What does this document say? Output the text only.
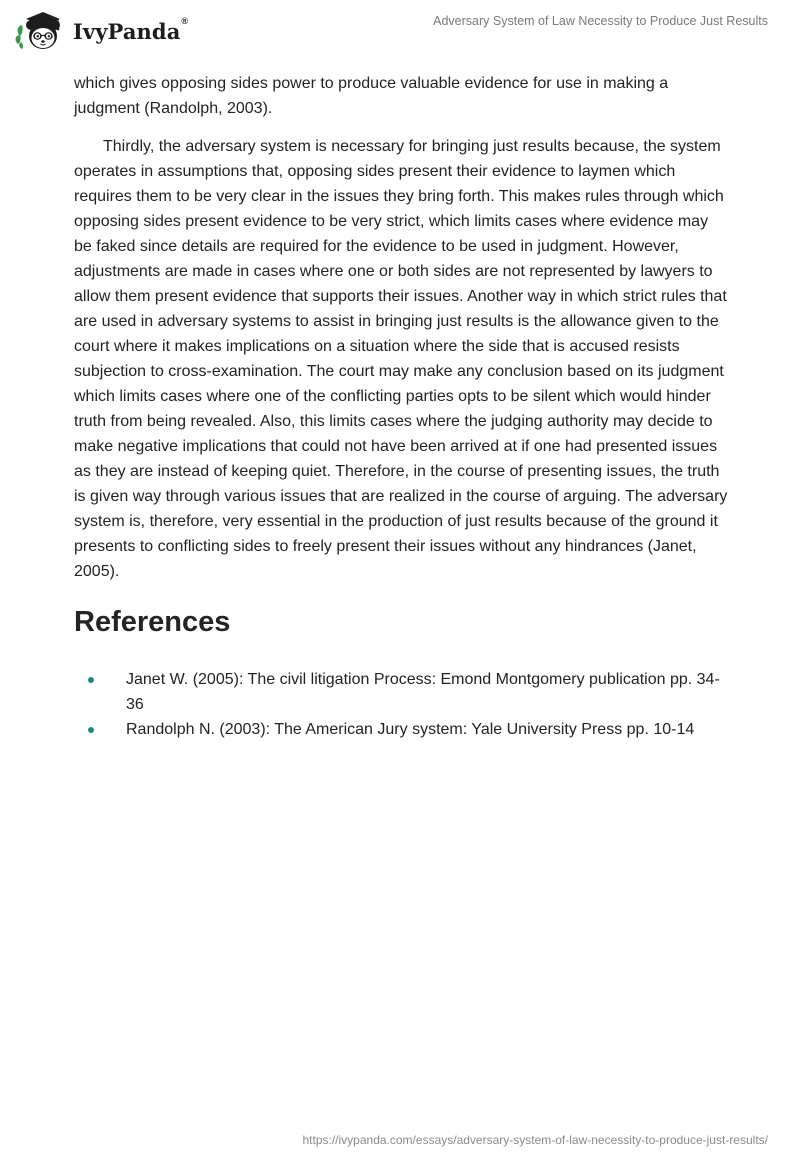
IvyPanda®	Adversary System of Law Necessity to Produce Just Results

which gives opposing sides power to produce valuable evidence for use in making a judgment (Randolph, 2003).

Thirdly, the adversary system is necessary for bringing just results because, the system operates in assumptions that, opposing sides present their evidence to laymen which requires them to be very clear in the issues they bring forth. This makes rules through which opposing sides present evidence to be very strict, which limits cases where evidence may be faked since details are required for the evidence to be used in judgment. However, adjustments are made in cases where one or both sides are not represented by lawyers to allow them present evidence that supports their issues. Another way in which strict rules that are used in adversary systems to assist in bringing just results is the allowance given to the court where it makes implications on a situation where the side that is accused resists subjection to cross-examination. The court may make any conclusion based on its judgment which limits cases where one of the conflicting parties opts to be silent which would hinder truth from being revealed. Also, this limits cases where the judging authority may decide to make negative implications that could not have been arrived at if one had presented issues as they are instead of keeping quiet. Therefore, in the course of presenting issues, the truth is given way through various issues that are realized in the course of arguing. The adversary system is, therefore, very essential in the production of just results because of the ground it presents to conflicting sides to freely present their issues without any hindrances (Janet, 2005).

References
Janet W. (2005): The civil litigation Process: Emond Montgomery publication pp. 34-36
Randolph N. (2003): The American Jury system: Yale University Press pp. 10-14
https://ivypanda.com/essays/adversary-system-of-law-necessity-to-produce-just-results/
